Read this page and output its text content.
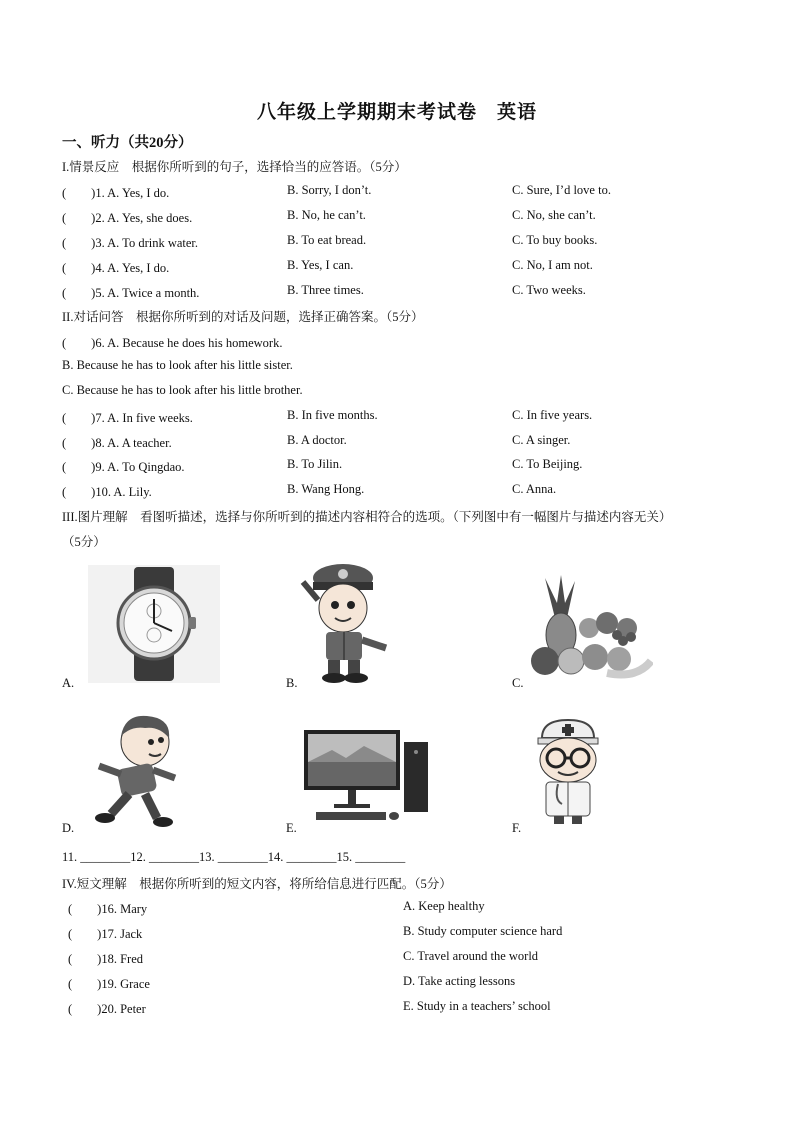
八年级上学期期末考试卷　英语
一、听力（共20分）
I.情景反应　根据你所听到的句子，选择恰当的应答语。（5分）
(　　)1. A. Yes, I do.	B. Sorry, I don’t.	C. Sure, I’d love to.
(　　)2. A. Yes, she does.	B. No, he can’t.	C. No, she can’t.
(　　)3. A. To drink water.	B. To eat bread.	C. To buy books.
(　　)4. A. Yes, I do.	B. Yes, I can.	C. No, I am not.
(　　)5. A. Twice a month.	B. Three times.	C. Two weeks.
II.对话问答　根据你所听到的对话及问题，选择正确答案。（5分）
(　　)6. A. Because he does his homework.
B. Because he has to look after his little sister.
C. Because he has to look after his little brother.
(　　)7. A. In five weeks.	B. In five months.	C. In five years.
(　　)8. A. A teacher.	B. A doctor.	C. A singer.
(　　)9. A. To Qingdao.	B. To Jilin.	C. To Beijing.
(　　)10. A. Lily.	B. Wang Hong.	C. Anna.
III.图片理解　看图听描述，选择与你所听到的描述内容相符合的选项。（下列图中有一幅图片与描述内容无关）
（5分）
A.	B.	C.
D.	E.	F.
11. ________12. ________13. ________14. ________15. ________
IV.短文理解　根据你所听到的短文内容，将所给信息进行匹配。（5分）
(　　)16. Mary	A. Keep healthy
(　　)17. Jack	B. Study computer science hard
(　　)18. Fred	C. Travel around the world
(　　)19. Grace	D. Take acting lessons
(　　)20. Peter	E. Study in a teachers’ school
